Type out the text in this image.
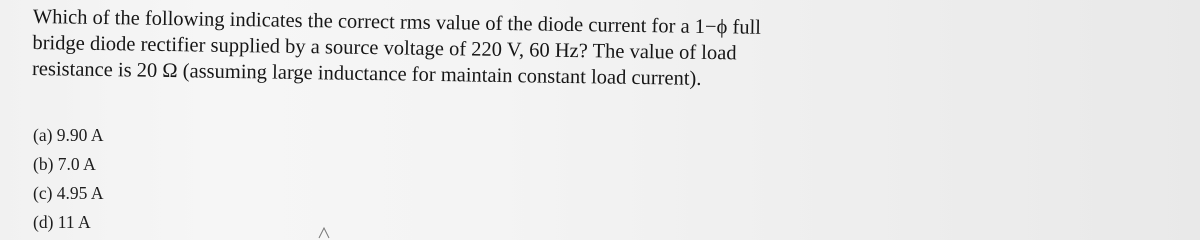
Which of the following indicates the correct rms value of the diode current for a 1−ϕ full
bridge diode rectifier supplied by a source voltage of 220 V, 60 Hz? The value of load
resistance is 20 Ω (assuming large inductance for maintain constant load current).
(a) 9.90 A
(b) 7.0 A
(c) 4.95 A
(d) 11 A
